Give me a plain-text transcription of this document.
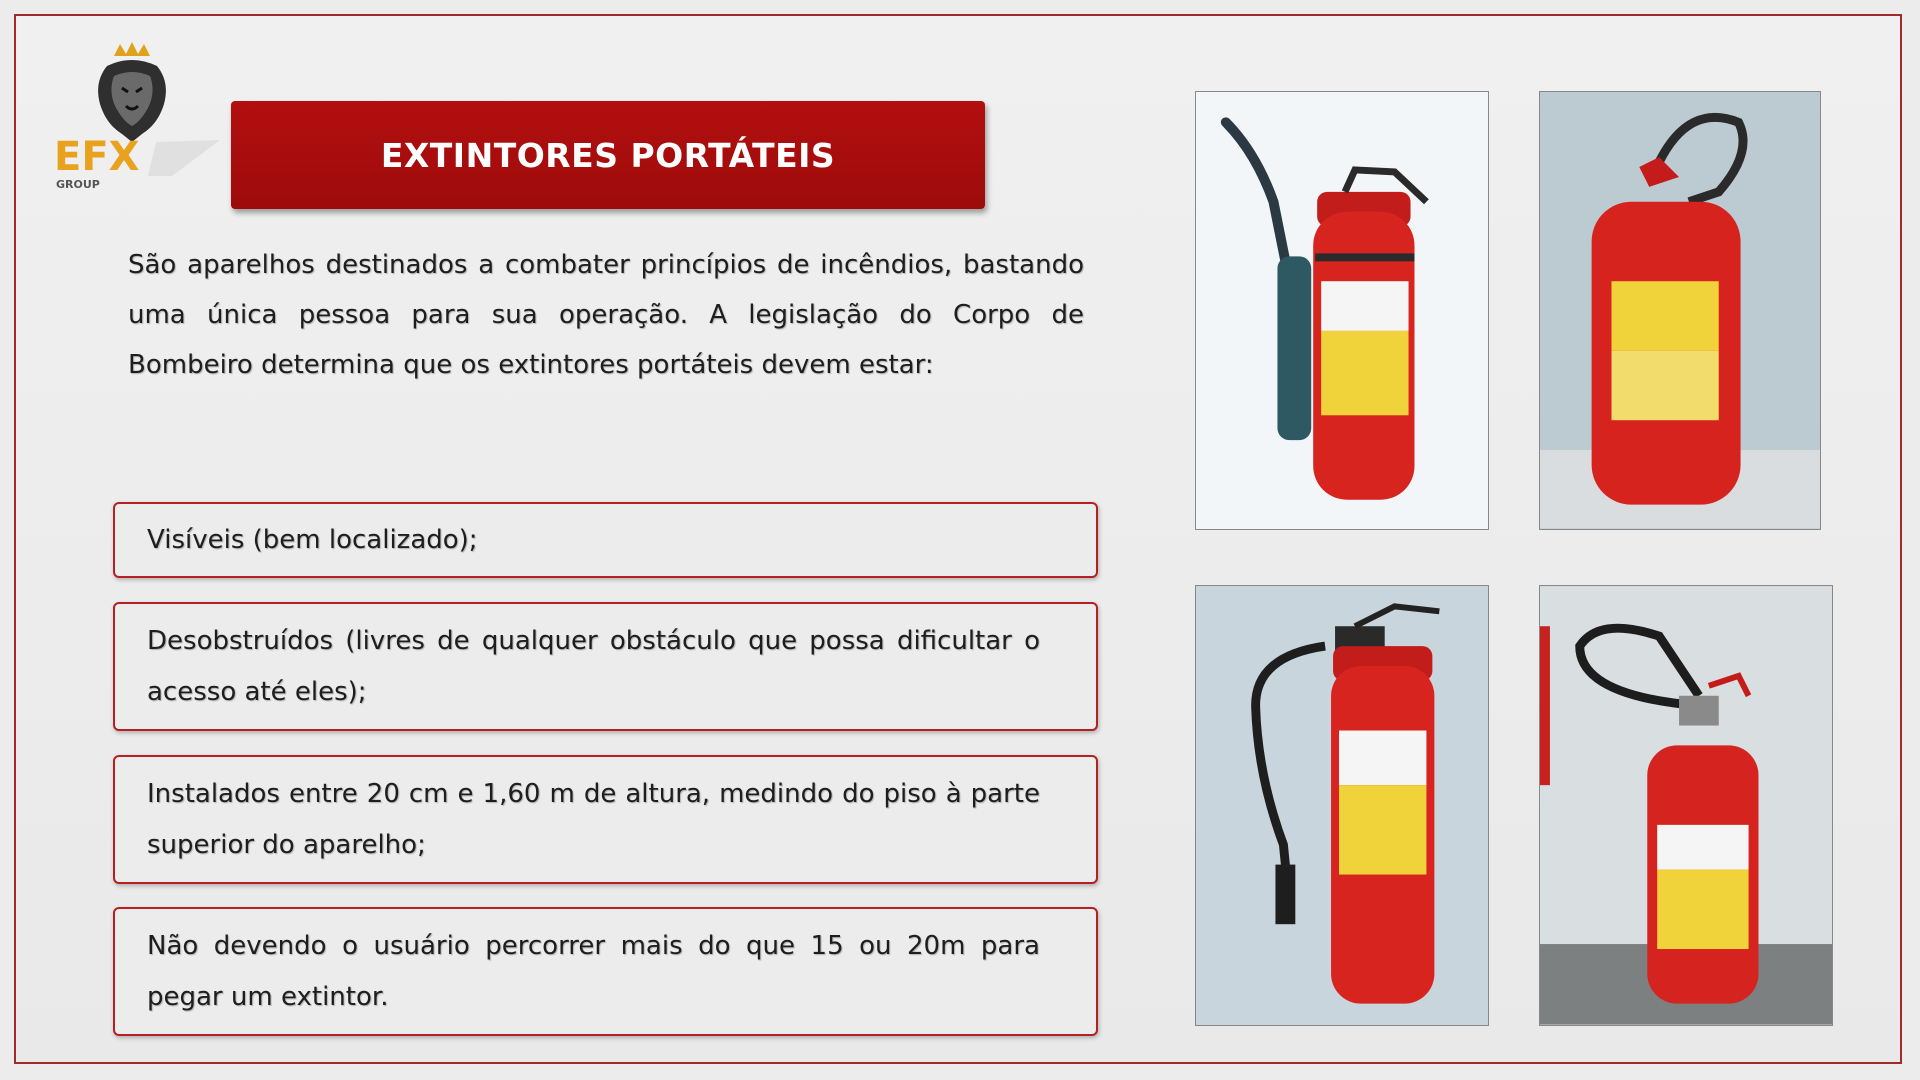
EFX
GROUP
EXTINTORES PORTÁTEIS
São aparelhos destinados a combater princípios de incêndios, bastando uma única pessoa para sua operação. A legislação do Corpo de Bombeiro determina que os extintores portáteis devem estar:
Visíveis (bem localizado);
Desobstruídos (livres de qualquer obstáculo que possa dificultar o acesso até eles);
Instalados entre 20 cm e 1,60 m de altura, medindo do piso à parte superior do aparelho;
Não devendo o usuário percorrer mais do que 15 ou 20m para pegar um extintor.
